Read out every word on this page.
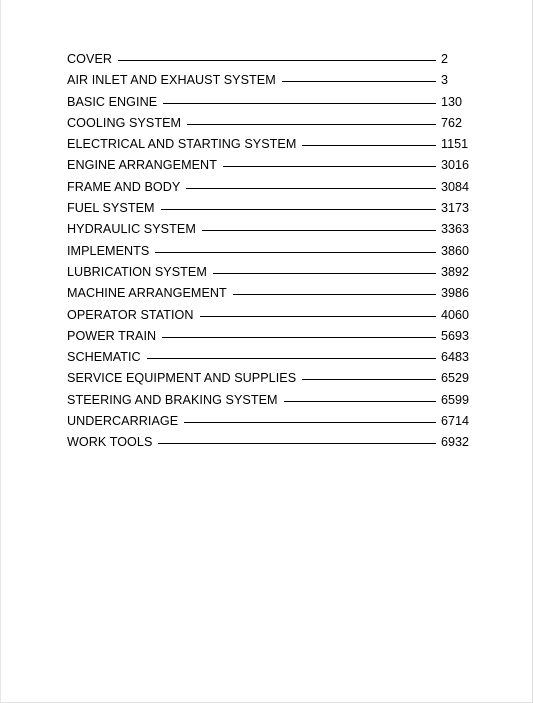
COVER	2
AIR INLET AND EXHAUST SYSTEM	3
BASIC ENGINE	130
COOLING SYSTEM	762
ELECTRICAL AND STARTING SYSTEM	1151
ENGINE ARRANGEMENT	3016
FRAME AND BODY	3084
FUEL SYSTEM	3173
HYDRAULIC SYSTEM	3363
IMPLEMENTS	3860
LUBRICATION SYSTEM	3892
MACHINE ARRANGEMENT	3986
OPERATOR STATION	4060
POWER TRAIN	5693
SCHEMATIC	6483
SERVICE EQUIPMENT AND SUPPLIES	6529
STEERING AND BRAKING SYSTEM	6599
UNDERCARRIAGE	6714
WORK TOOLS	6932
